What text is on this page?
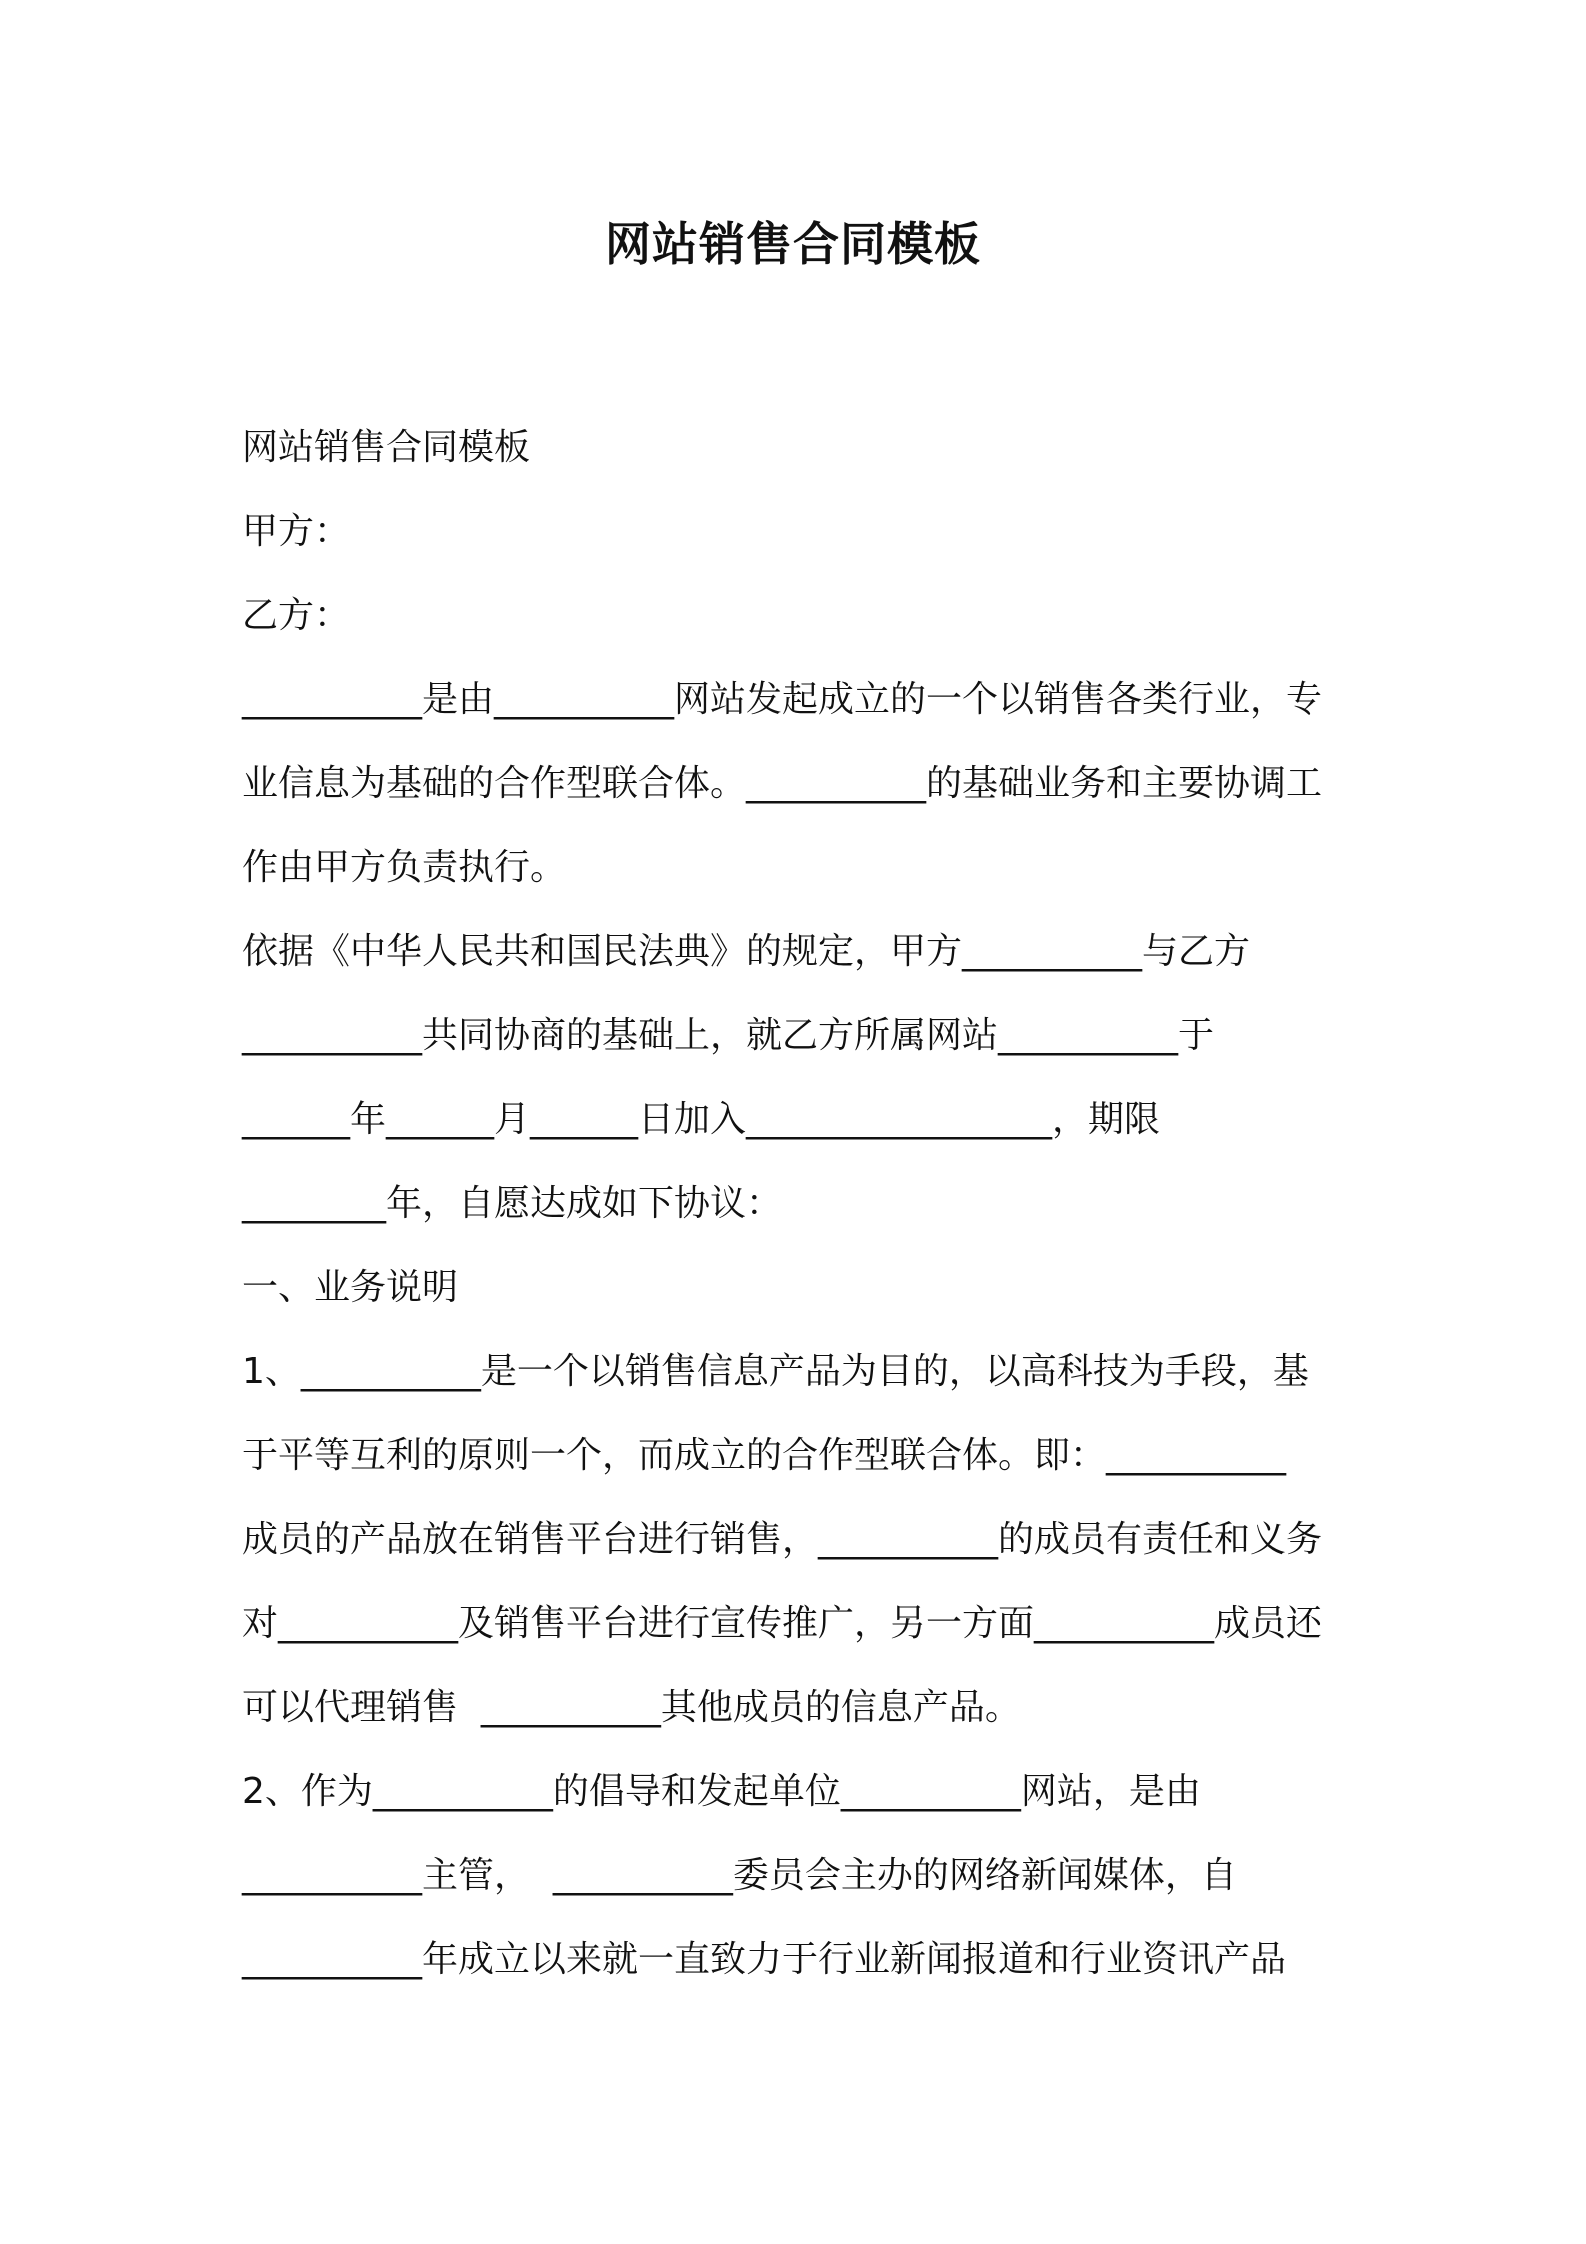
网站销售合同模板
网站销售合同模板
甲方：
乙方：
__________是由__________网站发起成立的一个以销售各类行业，专
业信息为基础的合作型联合体。__________的基础业务和主要协调工
作由甲方负责执行。
依据《中华人民共和国民法典》的规定，甲方__________与乙方
__________共同协商的基础上，就乙方所属网站__________于
______年______月______日加入_________________，期限
________年，自愿达成如下协议：
一、业务说明
1、__________是一个以销售信息产品为目的，以高科技为手段，基
于平等互利的原则一个，而成立的合作型联合体。即：__________
成员的产品放在销售平台进行销售，__________的成员有责任和义务
对__________及销售平台进行宣传推广，另一方面__________成员还
可以代理销售  __________其他成员的信息产品。
2、作为__________的倡导和发起单位__________网站，是由
__________主管，  __________委员会主办的网络新闻媒体，自
__________年成立以来就一直致力于行业新闻报道和行业资讯产品
